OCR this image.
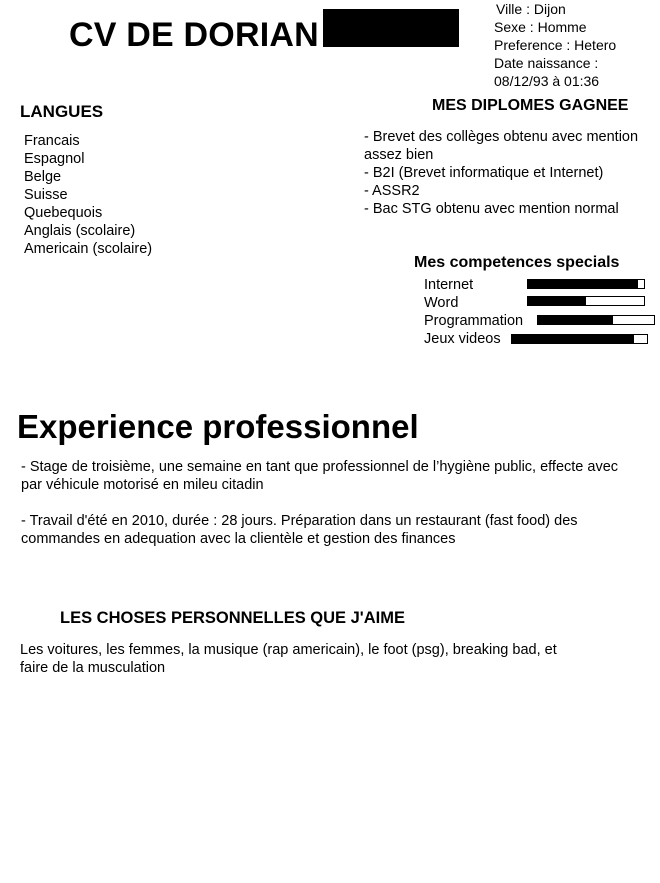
CV DE DORIAN
Ville : Dijon
Sexe : Homme
Preference : Hetero
Date naissance :
08/12/93 à 01:36
LANGUES
Francais
Espagnol
Belge
Suisse
Quebequois
Anglais (scolaire)
Americain (scolaire)
MES DIPLOMES GAGNEE
- Brevet des collèges obtenu avec mention assez bien
- B2I (Brevet informatique et Internet)
- ASSR2
- Bac STG obtenu avec mention normal
Mes competences specials
Internet
Word
Programmation
Jeux videos
Experience professionnel
- Stage de troisième, une semaine en tant que professionnel de l’hygiène public, effecte avec par véhicule motorisé en mileu citadin
- Travail d'été en 2010, durée : 28 jours. Préparation dans un restaurant (fast food) des commandes en adequation avec la clientèle et gestion des finances
LES CHOSES PERSONNELLES QUE J'AIME
Les voitures, les femmes, la musique (rap americain), le foot (psg), breaking bad, et faire de la musculation
